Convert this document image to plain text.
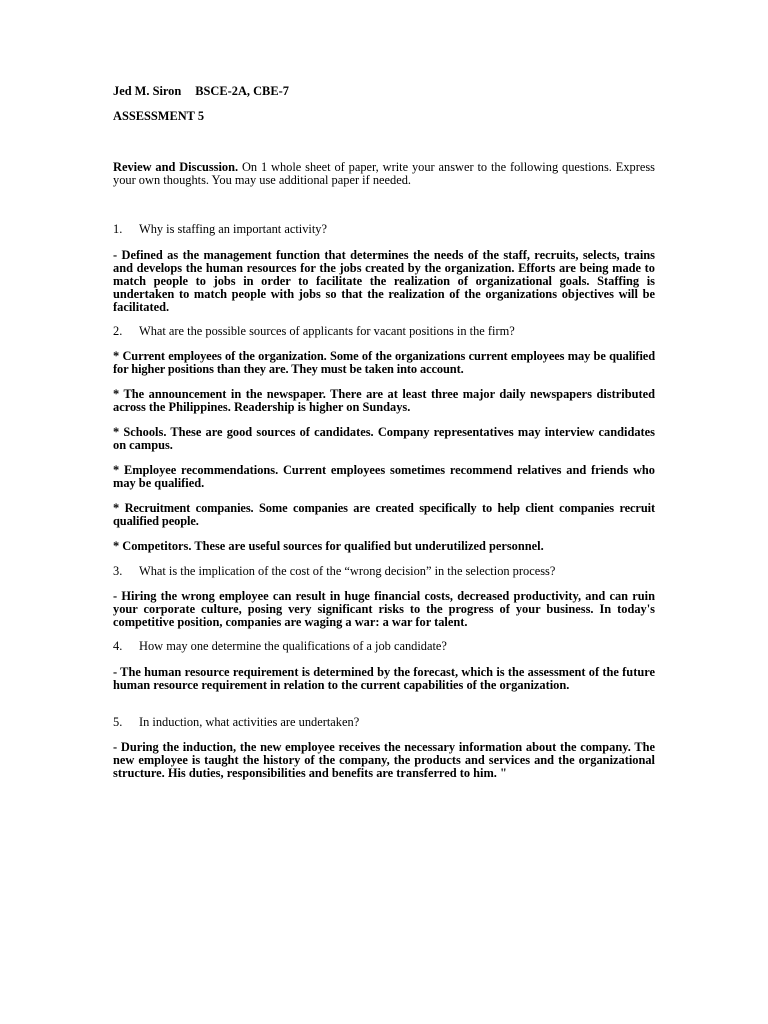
Jed M. Siron BSCE-2A, CBE-7
ASSESSMENT 5
Review and Discussion. On 1 whole sheet of paper, write your answer to the following questions. Express your own thoughts. You may use additional paper if needed.
1. Why is staffing an important activity?
- Defined as the management function that determines the needs of the staff, recruits, selects, trains and develops the human resources for the jobs created by the organization. Efforts are being made to match people to jobs in order to facilitate the realization of organizational goals. Staffing is undertaken to match people with jobs so that the realization of the organizations objectives will be facilitated.
2. What are the possible sources of applicants for vacant positions in the firm?
* Current employees of the organization. Some of the organizations current employees may be qualified for higher positions than they are. They must be taken into account.
* The announcement in the newspaper. There are at least three major daily newspapers distributed across the Philippines. Readership is higher on Sundays.
* Schools. These are good sources of candidates. Company representatives may interview candidates on campus.
* Employee recommendations. Current employees sometimes recommend relatives and friends who may be qualified.
* Recruitment companies. Some companies are created specifically to help client companies recruit qualified people.
* Competitors. These are useful sources for qualified but underutilized personnel.
3. What is the implication of the cost of the “wrong decision” in the selection process?
- Hiring the wrong employee can result in huge financial costs, decreased productivity, and can ruin your corporate culture, posing very significant risks to the progress of your business. In today's competitive position, companies are waging a war: a war for talent.
4. How may one determine the qualifications of a job candidate?
- The human resource requirement is determined by the forecast, which is the assessment of the future human resource requirement in relation to the current capabilities of the organization.
5. In induction, what activities are undertaken?
- During the induction, the new employee receives the necessary information about the company. The new employee is taught the history of the company, the products and services and the organizational structure. His duties, responsibilities and benefits are transferred to him. "
